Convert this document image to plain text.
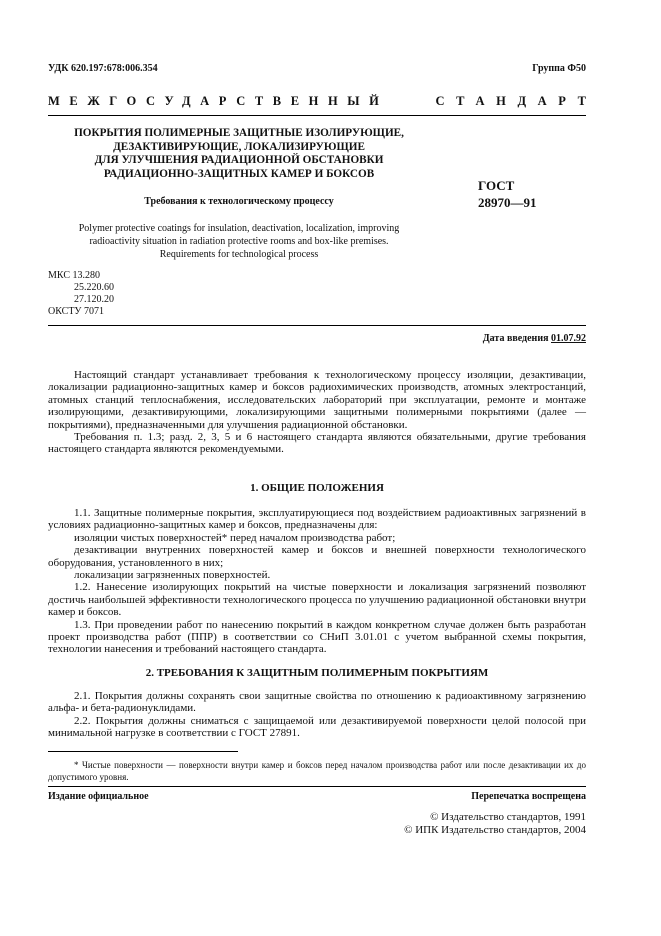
УДК 620.197:678:006.354	Группа Ф50
МЕЖГОСУДАРСТВЕННЫЙ	СТАНДАРТ
ПОКРЫТИЯ ПОЛИМЕРНЫЕ ЗАЩИТНЫЕ ИЗОЛИРУЮЩИЕ,
ДЕЗАКТИВИРУЮЩИЕ, ЛОКАЛИЗИРУЮЩИЕ
ДЛЯ УЛУЧШЕНИЯ РАДИАЦИОННОЙ ОБСТАНОВКИ
РАДИАЦИОННО-ЗАЩИТНЫХ КАМЕР И БОКСОВ
Требования к технологическому процессу
ГОСТ
28970—91
Polymer protective coatings for insulation, deactivation, localization, improving
radioactivity situation in radiation protective rooms and box-like premises.
Requirements for technological process
МКС 13.280
25.220.60
27.120.20
ОКСТУ 7071
Дата введения 01.07.92

Настоящий стандарт устанавливает требования к технологическому процессу изоляции, дезактивации, локализации радиационно-защитных камер и боксов радиохимических производств, атомных электростанций, атомных станций теплоснабжения, исследовательских лабораторий при эксплуатации, ремонте и монтаже изолирующими, дезактивирующими, локализирующими защитными полимерными покрытиями (далее — покрытиями), предназначенными для улучшения радиационной обстановки.

Требования п. 1.3; разд. 2, 3, 5 и 6 настоящего стандарта являются обязательными, другие требования настоящего стандарта являются рекомендуемыми.

1. ОБЩИЕ ПОЛОЖЕНИЯ

1.1. Защитные полимерные покрытия, эксплуатирующиеся под воздействием радиоактивных загрязнений в условиях радиационно-защитных камер и боксов, предназначены для:

изоляции чистых поверхностей* перед началом производства работ;

дезактивации внутренних поверхностей камер и боксов и внешней поверхности технологического оборудования, установленного в них;

локализации загрязненных поверхностей.

1.2. Нанесение изолирующих покрытий на чистые поверхности и локализация загрязнений позволяют достичь наибольшей эффективности технологического процесса по улучшению радиационной обстановки внутри камер и боксов.

1.3. При проведении работ по нанесению покрытий в каждом конкретном случае должен быть разработан проект производства работ (ППР) в соответствии со СНиП 3.01.01 с учетом выбранной схемы покрытия, технологии нанесения и требований настоящего стандарта.

2. ТРЕБОВАНИЯ К ЗАЩИТНЫМ ПОЛИМЕРНЫМ ПОКРЫТИЯМ

2.1. Покрытия должны сохранять свои защитные свойства по отношению к радиоактивному загрязнению альфа- и бета-радионуклидами.

2.2. Покрытия должны сниматься с защищаемой или дезактивируемой поверхности целой полосой при минимальной нагрузке в соответствии с ГОСТ 27891.

* Чистые поверхности — поверхности внутри камер и боксов перед началом производства работ или после дезактивации их до допустимого уровня.

Издание официальное	Перепечатка воспрещена
© Издательство стандартов, 1991
© ИПК Издательство стандартов, 2004
